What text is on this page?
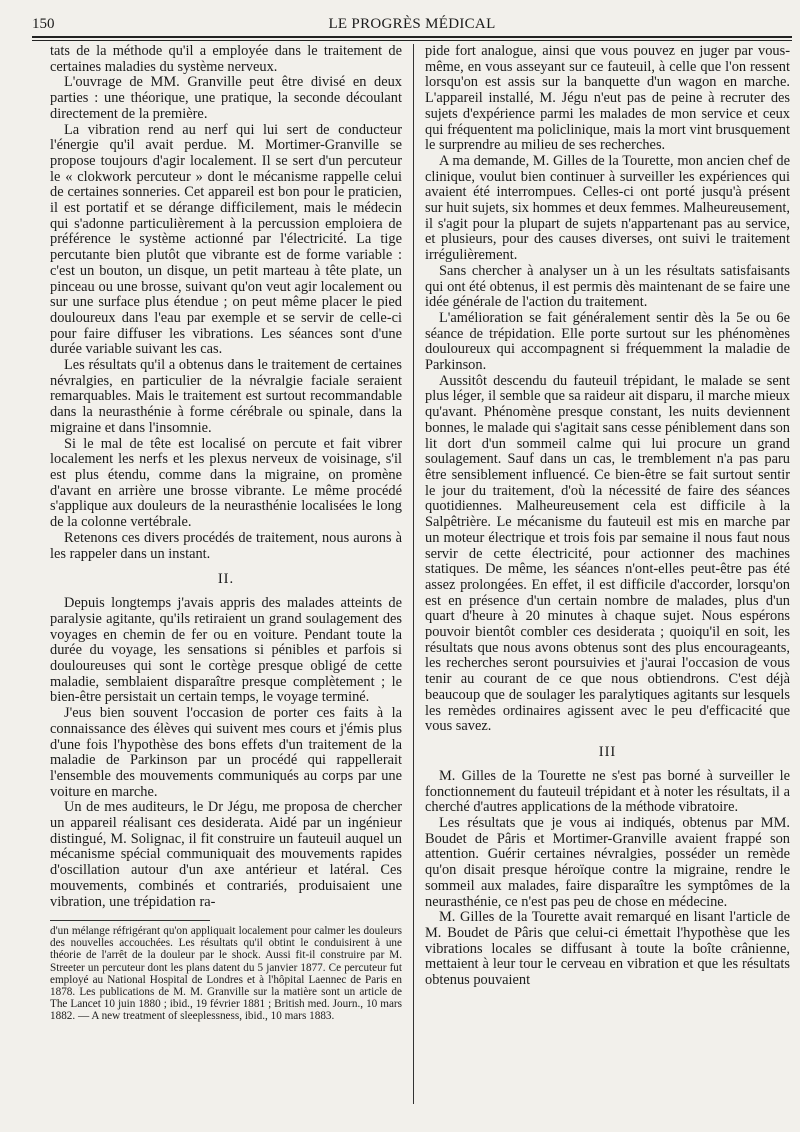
150	LE PROGRÈS MÉDICAL

tats de la méthode qu'il a employée dans le traitement de certaines maladies du système nerveux.

L'ouvrage de MM. Granville peut être divisé en deux parties : une théorique, une pratique, la seconde découlant directement de la première.

La vibration rend au nerf qui lui sert de conducteur l'énergie qu'il avait perdue. M. Mortimer-Granville se propose toujours d'agir localement. Il se sert d'un percuteur le « clokwork percuteur » dont le mécanisme rappelle celui de certaines sonneries. Cet appareil est bon pour le praticien, il est portatif et se dérange difficilement, mais le médecin qui s'adonne particulièrement à la percussion emploiera de préférence le système actionné par l'électricité. La tige percutante bien plutôt que vibrante est de forme variable : c'est un bouton, un disque, un petit marteau à tête plate, un pinceau ou une brosse, suivant qu'on veut agir localement ou sur une surface plus étendue ; on peut même placer le pied douloureux dans l'eau par exemple et se servir de celle-ci pour faire diffuser les vibrations. Les séances sont d'une durée variable suivant les cas.

Les résultats qu'il a obtenus dans le traitement de certaines névralgies, en particulier de la névralgie faciale seraient remarquables. Mais le traitement est surtout recommandable dans la neurasthénie à forme cérébrale ou spinale, dans la migraine et dans l'insomnie.

Si le mal de tête est localisé on percute et fait vibrer localement les nerfs et les plexus nerveux de voisinage, s'il est plus étendu, comme dans la migraine, on promène d'avant en arrière une brosse vibrante. Le même procédé s'applique aux douleurs de la neurasthénie localisées le long de la colonne vertébrale.

Retenons ces divers procédés de traitement, nous aurons à les rappeler dans un instant.

II.

Depuis longtemps j'avais appris des malades atteints de paralysie agitante, qu'ils retiraient un grand soulagement des voyages en chemin de fer ou en voiture. Pendant toute la durée du voyage, les sensations si pénibles et parfois si douloureuses qui sont le cortège presque obligé de cette maladie, semblaient disparaître presque complètement ; le bien-être persistait un certain temps, le voyage terminé.

J'eus bien souvent l'occasion de porter ces faits à la connaissance des élèves qui suivent mes cours et j'émis plus d'une fois l'hypothèse des bons effets d'un traitement de la maladie de Parkinson par un procédé qui rappellerait l'ensemble des mouvements communiqués au corps par une voiture en marche.

Un de mes auditeurs, le Dr Jégu, me proposa de chercher un appareil réalisant ces desiderata. Aidé par un ingénieur distingué, M. Solignac, il fit construire un fauteuil auquel un mécanisme spécial communiquait des mouvements rapides d'oscillation autour d'un axe antérieur et latéral. Ces mouvements, combinés et contrariés, produisaient une vibration, une trépidation ra-

d'un mélange réfrigérant qu'on appliquait localement pour calmer les douleurs des nouvelles accouchées. Les résultats qu'il obtint le conduisirent à une théorie de l'arrêt de la douleur par le shock. Aussi fit-il construire par M. Streeter un percuteur dont les plans datent du 5 janvier 1877. Ce percuteur fut employé au National Hospital de Londres et à l'hôpital Laennec de Paris en 1878. Les publications de M. M. Granville sur la matière sont un article de The Lancet 10 juin 1880 ; ibid., 19 février 1881 ; British med. Journ., 10 mars 1882. — A new treatment of sleeplessness, ibid., 10 mars 1883.

pide fort analogue, ainsi que vous pouvez en juger par vous-même, en vous asseyant sur ce fauteuil, à celle que l'on ressent lorsqu'on est assis sur la banquette d'un wagon en marche. L'appareil installé, M. Jégu n'eut pas de peine à recruter des sujets d'expérience parmi les malades de mon service et ceux qui fréquentent ma policlinique, mais la mort vint brusquement le surprendre au milieu de ses recherches.

A ma demande, M. Gilles de la Tourette, mon ancien chef de clinique, voulut bien continuer à surveiller les expériences qui avaient été interrompues. Celles-ci ont porté jusqu'à présent sur huit sujets, six hommes et deux femmes. Malheureusement, il s'agit pour la plupart de sujets n'appartenant pas au service, et plusieurs, pour des causes diverses, ont suivi le traitement irrégulièrement.

Sans chercher à analyser un à un les résultats satisfaisants qui ont été obtenus, il est permis dès maintenant de se faire une idée générale de l'action du traitement.

L'amélioration se fait généralement sentir dès la 5e ou 6e séance de trépidation. Elle porte surtout sur les phénomènes douloureux qui accompagnent si fréquemment la maladie de Parkinson.

Aussitôt descendu du fauteuil trépidant, le malade se sent plus léger, il semble que sa raideur ait disparu, il marche mieux qu'avant. Phénomène presque constant, les nuits deviennent bonnes, le malade qui s'agitait sans cesse péniblement dans son lit dort d'un sommeil calme qui lui procure un grand soulagement. Sauf dans un cas, le tremblement n'a pas paru être sensiblement influencé. Ce bien-être se fait surtout sentir le jour du traitement, d'où la nécessité de faire des séances quotidiennes. Malheureusement cela est difficile à la Salpêtrière. Le mécanisme du fauteuil est mis en marche par un moteur électrique et trois fois par semaine il nous faut nous servir de cette électricité, pour actionner des machines statiques. De même, les séances n'ont-elles peut-être pas été assez prolongées. En effet, il est difficile d'accorder, lorsqu'on est en présence d'un certain nombre de malades, plus d'un quart d'heure à 20 minutes à chaque sujet. Nous espérons pouvoir bientôt combler ces desiderata ; quoiqu'il en soit, les résultats que nous avons obtenus sont des plus encourageants, les recherches seront poursuivies et j'aurai l'occasion de vous tenir au courant de ce que nous obtiendrons. C'est déjà beaucoup que de soulager les paralytiques agitants sur lesquels les remèdes ordinaires agissent avec le peu d'efficacité que vous savez.

III

M. Gilles de la Tourette ne s'est pas borné à surveiller le fonctionnement du fauteuil trépidant et à noter les résultats, il a cherché d'autres applications de la méthode vibratoire.

Les résultats que je vous ai indiqués, obtenus par MM. Boudet de Pâris et Mortimer-Granville avaient frappé son attention. Guérir certaines névralgies, posséder un remède qu'on disait presque héroïque contre la migraine, rendre le sommeil aux malades, faire disparaître les symptômes de la neurasthénie, ce n'est pas peu de chose en médecine.

M. Gilles de la Tourette avait remarqué en lisant l'article de M. Boudet de Pâris que celui-ci émettait l'hypothèse que les vibrations locales se diffusant à toute la boîte crânienne, mettaient à leur tour le cerveau en vibration et que les résultats obtenus pouvaient
